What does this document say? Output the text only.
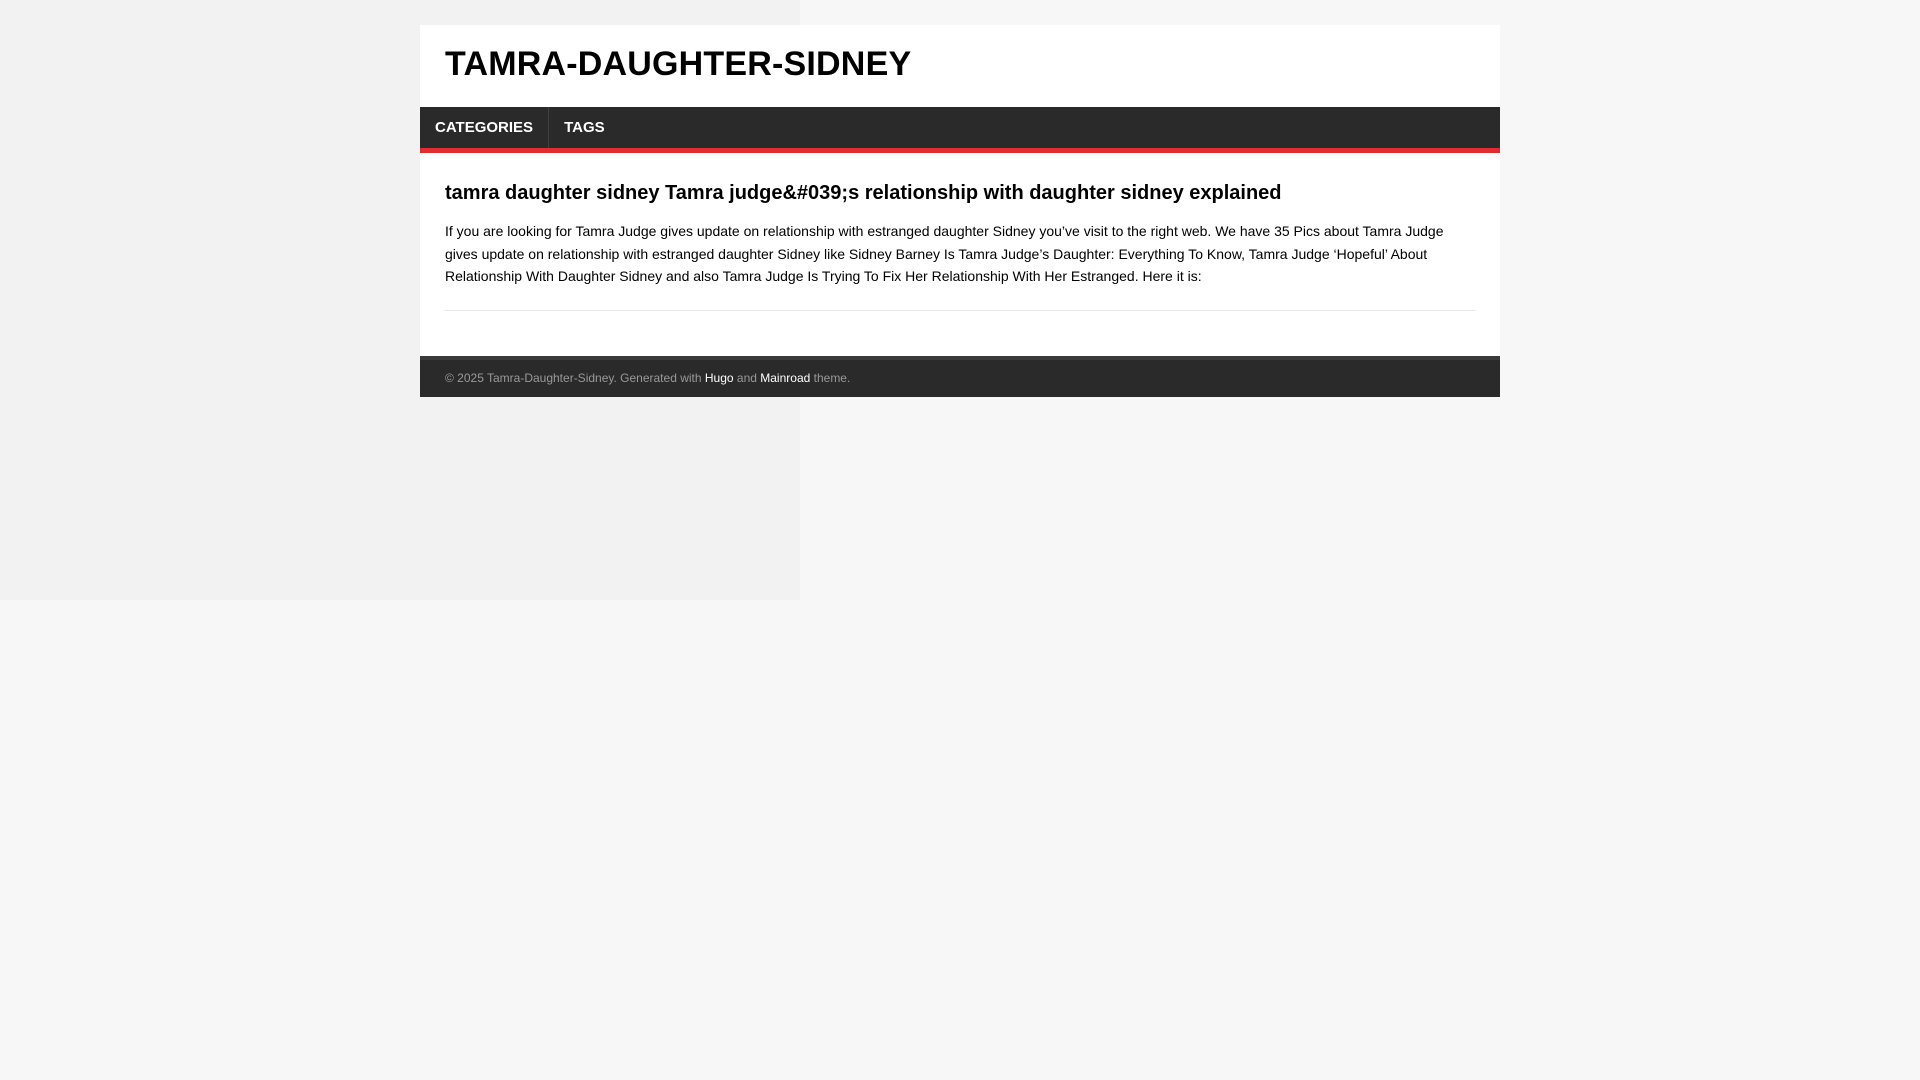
TAMRA-DAUGHTER-SIDNEY
CATEGORIES	TAGS
tamra daughter sidney Tamra judge&#039;s relationship with daughter sidney explained

If you are looking for Tamra Judge gives update on relationship with estranged daughter Sidney you’ve visit to the right web. We have 35 Pics about Tamra Judge gives update on relationship with estranged daughter Sidney like Sidney Barney Is Tamra Judge’s Daughter: Everything To Know, Tamra Judge ‘Hopeful’ About Relationship With Daughter Sidney and also Tamra Judge Is Trying To Fix Her Relationship With Her Estranged. Here it is:

© 2025 Tamra-Daughter-Sidney. Generated with Hugo and Mainroad theme.
